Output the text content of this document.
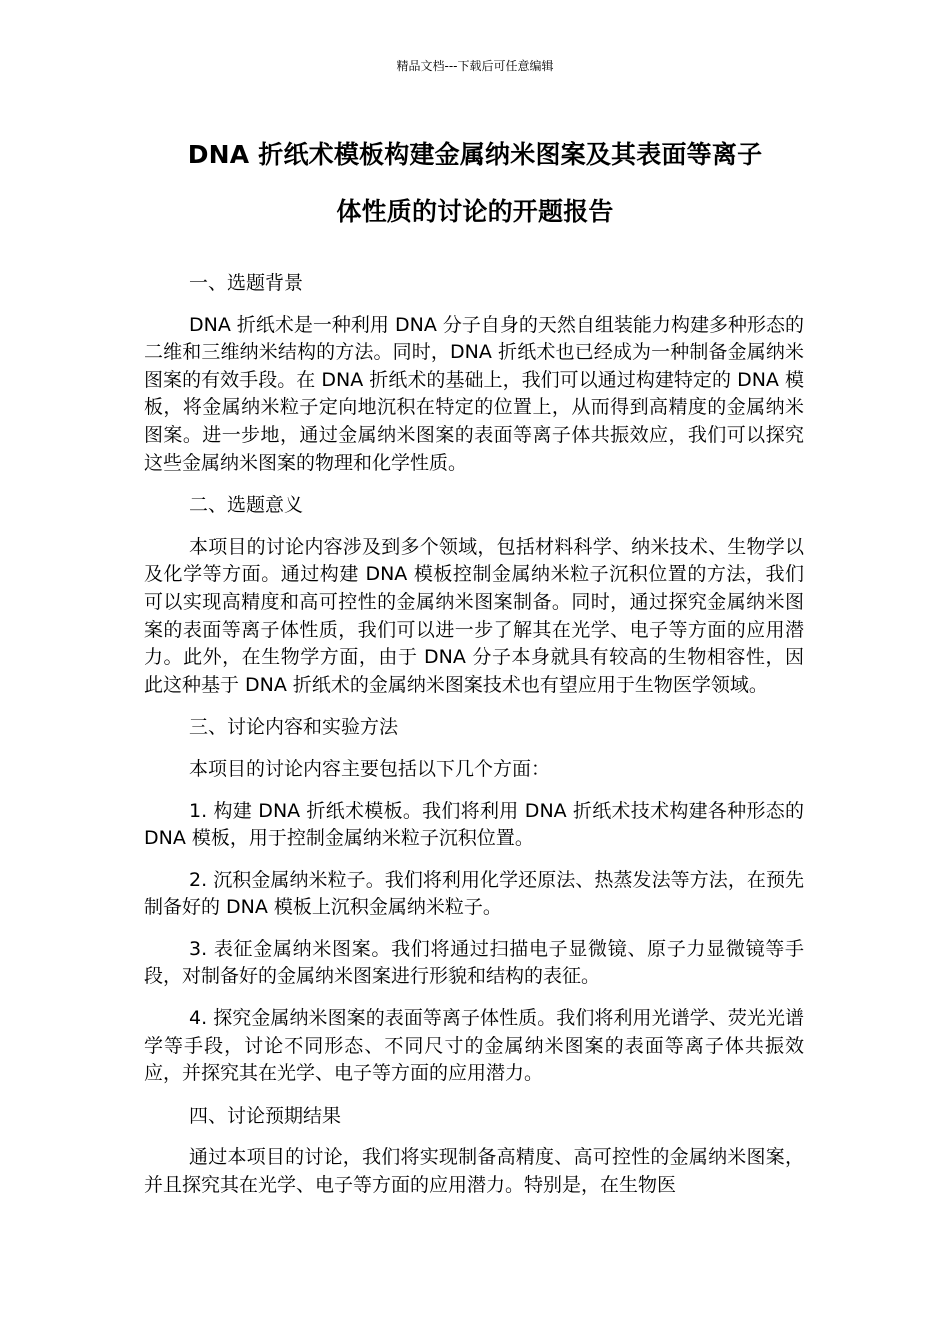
精品文档---下载后可任意编辑
DNA 折纸术模板构建金属纳米图案及其表面等离子
体性质的讨论的开题报告

一、选题背景

DNA 折纸术是一种利用 DNA 分子自身的天然自组装能力构建多种形态的二维和三维纳米结构的方法。同时，DNA 折纸术也已经成为一种制备金属纳米图案的有效手段。在 DNA 折纸术的基础上，我们可以通过构建特定的 DNA 模板，将金属纳米粒子定向地沉积在特定的位置上，从而得到高精度的金属纳米图案。进一步地，通过金属纳米图案的表面等离子体共振效应，我们可以探究这些金属纳米图案的物理和化学性质。

二、选题意义

本项目的讨论内容涉及到多个领域，包括材料科学、纳米技术、生物学以及化学等方面。通过构建 DNA 模板控制金属纳米粒子沉积位置的方法，我们可以实现高精度和高可控性的金属纳米图案制备。同时，通过探究金属纳米图案的表面等离子体性质，我们可以进一步了解其在光学、电子等方面的应用潜力。此外，在生物学方面，由于 DNA 分子本身就具有较高的生物相容性，因此这种基于 DNA 折纸术的金属纳米图案技术也有望应用于生物医学领域。

三、讨论内容和实验方法

本项目的讨论内容主要包括以下几个方面：

1. 构建 DNA 折纸术模板。我们将利用 DNA 折纸术技术构建各种形态的 DNA 模板，用于控制金属纳米粒子沉积位置。

2. 沉积金属纳米粒子。我们将利用化学还原法、热蒸发法等方法，在预先制备好的 DNA 模板上沉积金属纳米粒子。

3. 表征金属纳米图案。我们将通过扫描电子显微镜、原子力显微镜等手段，对制备好的金属纳米图案进行形貌和结构的表征。

4. 探究金属纳米图案的表面等离子体性质。我们将利用光谱学、荧光光谱学等手段，讨论不同形态、不同尺寸的金属纳米图案的表面等离子体共振效应，并探究其在光学、电子等方面的应用潜力。

四、讨论预期结果

通过本项目的讨论，我们将实现制备高精度、高可控性的金属纳米图案，并且探究其在光学、电子等方面的应用潜力。特别是，在生物医
